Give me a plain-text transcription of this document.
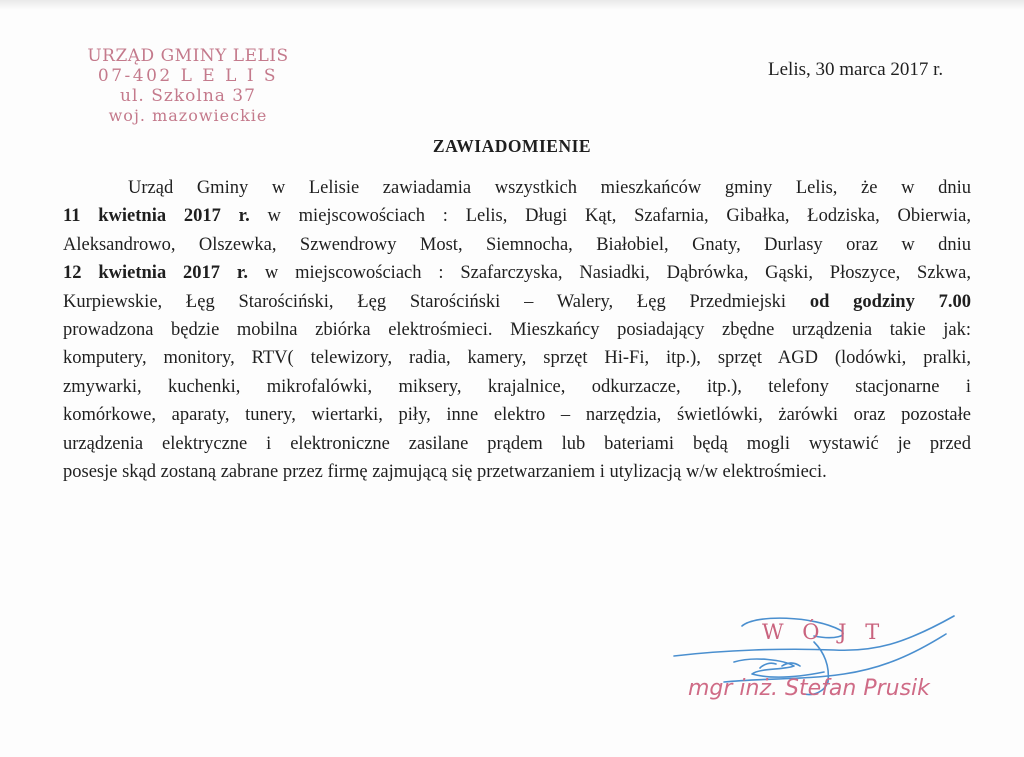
URZĄD GMINY LELIS
07-402 L E L I S
ul. Szkolna 37
woj. mazowieckie
Lelis, 30 marca 2017 r.
ZAWIADOMIENIE
Urząd Gminy w Lelisie zawiadamia wszystkich mieszkańców gminy Lelis, że w dniu
11 kwietnia 2017 r. w miejscowościach : Lelis, Długi Kąt, Szafarnia, Gibałka, Łodziska, Obierwia,
Aleksandrowo, Olszewka, Szwendrowy Most, Siemnocha, Białobiel, Gnaty, Durlasy oraz w dniu
12 kwietnia 2017 r. w miejscowościach : Szafarczyska, Nasiadki, Dąbrówka, Gąski, Płoszyce, Szkwa,
Kurpiewskie, Łęg Starościński, Łęg Starościński – Walery, Łęg Przedmiejski od godziny 7.00
prowadzona będzie mobilna zbiórka elektrośmieci. Mieszkańcy posiadający zbędne urządzenia takie jak:
komputery, monitory, RTV( telewizory, radia, kamery, sprzęt Hi-Fi, itp.), sprzęt AGD (lodówki, pralki,
zmywarki, kuchenki, mikrofalówki, miksery, krajalnice, odkurzacze, itp.), telefony stacjonarne i
komórkowe, aparaty, tunery, wiertarki, piły, inne elektro – narzędzia, świetlówki, żarówki oraz pozostałe
urządzenia elektryczne i elektroniczne zasilane prądem lub bateriami będą mogli wystawić je przed
posesje skąd zostaną zabrane przez firmę zajmującą się przetwarzaniem i utylizacją w/w elektrośmieci.
W Ó J T
mgr inż. Stefan Prusik
